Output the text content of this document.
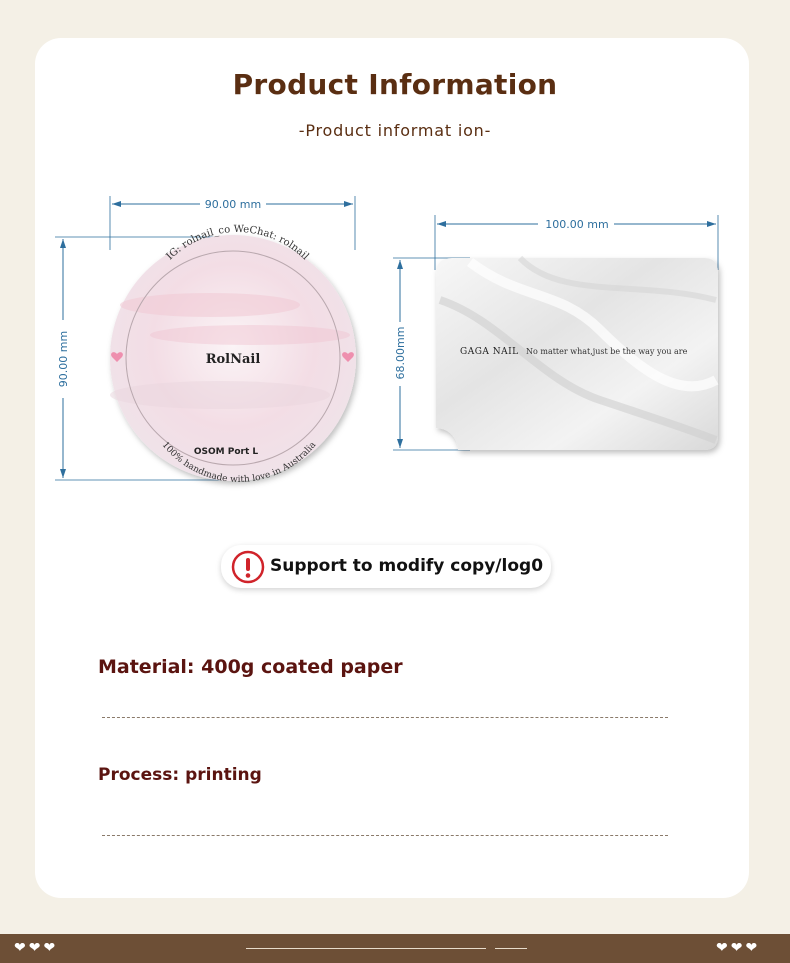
Product Information
-Product informat ion-
90.00 mm
90.00 mm
IG: rolnail_co WeChat: rolnail
RolNail
OSOM Port L
100% handmade with love in Australia
100.00 mm
68.00mm	GAGA NAIL No matter what,just be the way you are
Support to modify copy/log0
Material: 400g coated paper
Process: printing
❤❤❤	❤❤❤
